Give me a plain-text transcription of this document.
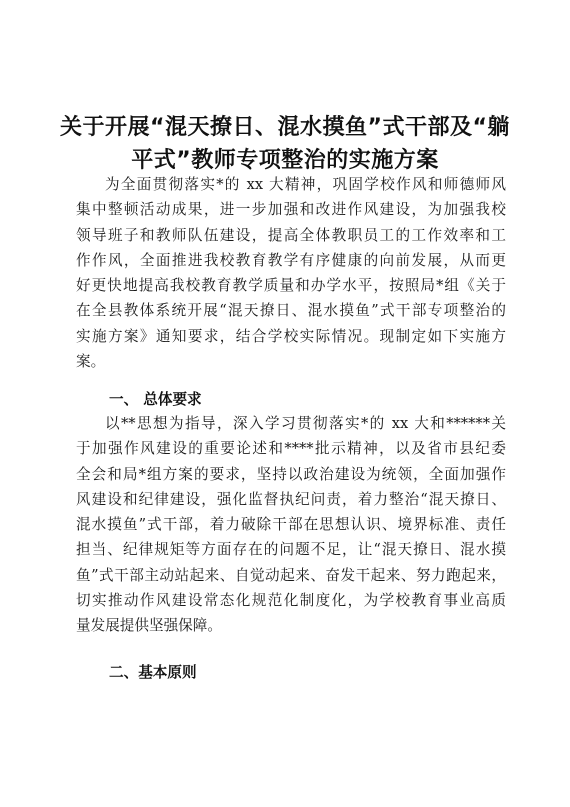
关于开展“混天撩日、混水摸鱼”式干部及“躺
平式”教师专项整治的实施方案
为全面贯彻落实*的 xx 大精神，巩固学校作风和师德师风
集中整顿活动成果，进一步加强和改进作风建设，为加强我校
领导班子和教师队伍建设，提高全体教职员工的工作效率和工
作作风，全面推进我校教育教学有序健康的向前发展，从而更
好更快地提高我校教育教学质量和办学水平，按照局*组《关于
在全县教体系统开展“混天撩日、混水摸鱼”式干部专项整治的
实施方案》通知要求，结合学校实际情况。现制定如下实施方
案。
一、 总体要求
以**思想为指导，深入学习贯彻落实*的 xx 大和******关
于加强作风建设的重要论述和****批示精神，以及省市县纪委
全会和局*组方案的要求，坚持以政治建设为统领，全面加强作
风建设和纪律建设，强化监督执纪问责，着力整治“混天撩日、
混水摸鱼”式干部，着力破除干部在思想认识、境界标准、责任
担当、纪律规矩等方面存在的问题不足，让“混天撩日、混水摸
鱼”式干部主动站起来、自觉动起来、奋发干起来、努力跑起来，
切实推动作风建设常态化规范化制度化，为学校教育事业高质
量发展提供坚强保障。
二、基本原则
